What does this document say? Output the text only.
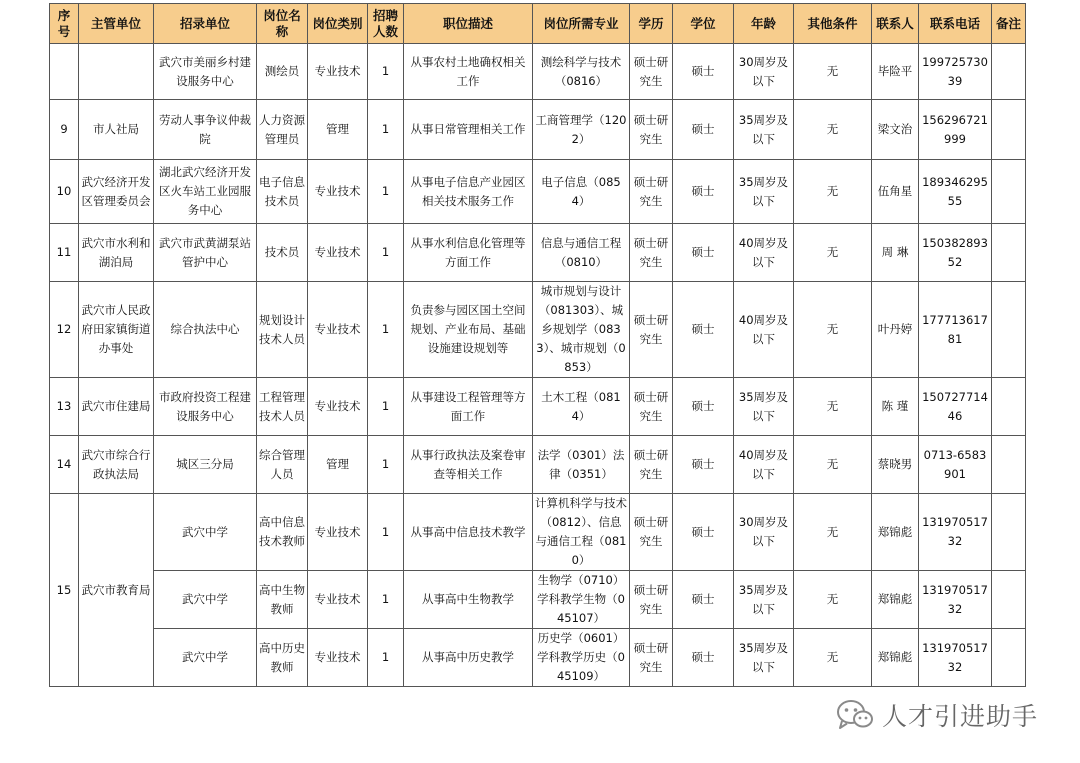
序号	主管单位	招录单位	岗位名称	岗位类别	招聘人数	职位描述	岗位所需专业	学历	学位	年龄	其他条件	联系人	联系电话	备注
		武穴市美丽乡村建设服务中心	测绘员	专业技术	1	从事农村土地确权相关工作	测绘科学与技术（0816）	硕士研究生	硕士	30周岁及以下	无	毕险平	19972573039	
9	市人社局	劳动人事争议仲裁院	人力资源管理员	管理	1	从事日常管理相关工作	工商管理学（1202）	硕士研究生	硕士	35周岁及以下	无	梁文治	156296721999	
10	武穴经济开发区管理委员会	湖北武穴经济开发区火车站工业园服务中心	电子信息技术员	专业技术	1	从事电子信息产业园区相关技术服务工作	电子信息（0854）	硕士研究生	硕士	35周岁及以下	无	伍角星	18934629555	
11	武穴市水利和湖泊局	武穴市武黄湖泵站管护中心	技术员	专业技术	1	从事水利信息化管理等方面工作	信息与通信工程（0810）	硕士研究生	硕士	40周岁及以下	无	周 琳	15038289352	
12	武穴市人民政府田家镇街道办事处	综合执法中心	规划设计技术人员	专业技术	1	负责参与园区国土空间规划、产业布局、基础设施建设规划等	城市规划与设计（081303）、城乡规划学（0833）、城市规划（0853）	硕士研究生	硕士	40周岁及以下	无	叶丹婷	17771361781	
13	武穴市住建局	市政府投资工程建设服务中心	工程管理技术人员	专业技术	1	从事建设工程管理等方面工作	土木工程（0814）	硕士研究生	硕士	35周岁及以下	无	陈 瑾	15072771446	
14	武穴市综合行政执法局	城区三分局	综合管理人员	管理	1	从事行政执法及案卷审查等相关工作	法学（0301）法律（0351）	硕士研究生	硕士	40周岁及以下	无	蔡晓男	0713-6583901	
15	武穴市教育局	武穴中学	高中信息技术教师	专业技术	1	从事高中信息技术教学	计算机科学与技术（0812）、信息与通信工程（0810）	硕士研究生	硕士	30周岁及以下	无	郑锦彪	13197051732	
		武穴中学	高中生物教师	专业技术	1	从事高中生物教学	生物学（0710）学科教学生物（045107）	硕士研究生	硕士	35周岁及以下	无	郑锦彪	13197051732	
		武穴中学	高中历史教师	专业技术	1	从事高中历史教学	历史学（0601）学科教学历史（045109）	硕士研究生	硕士	35周岁及以下	无	郑锦彪	13197051732	
人才引进助手
